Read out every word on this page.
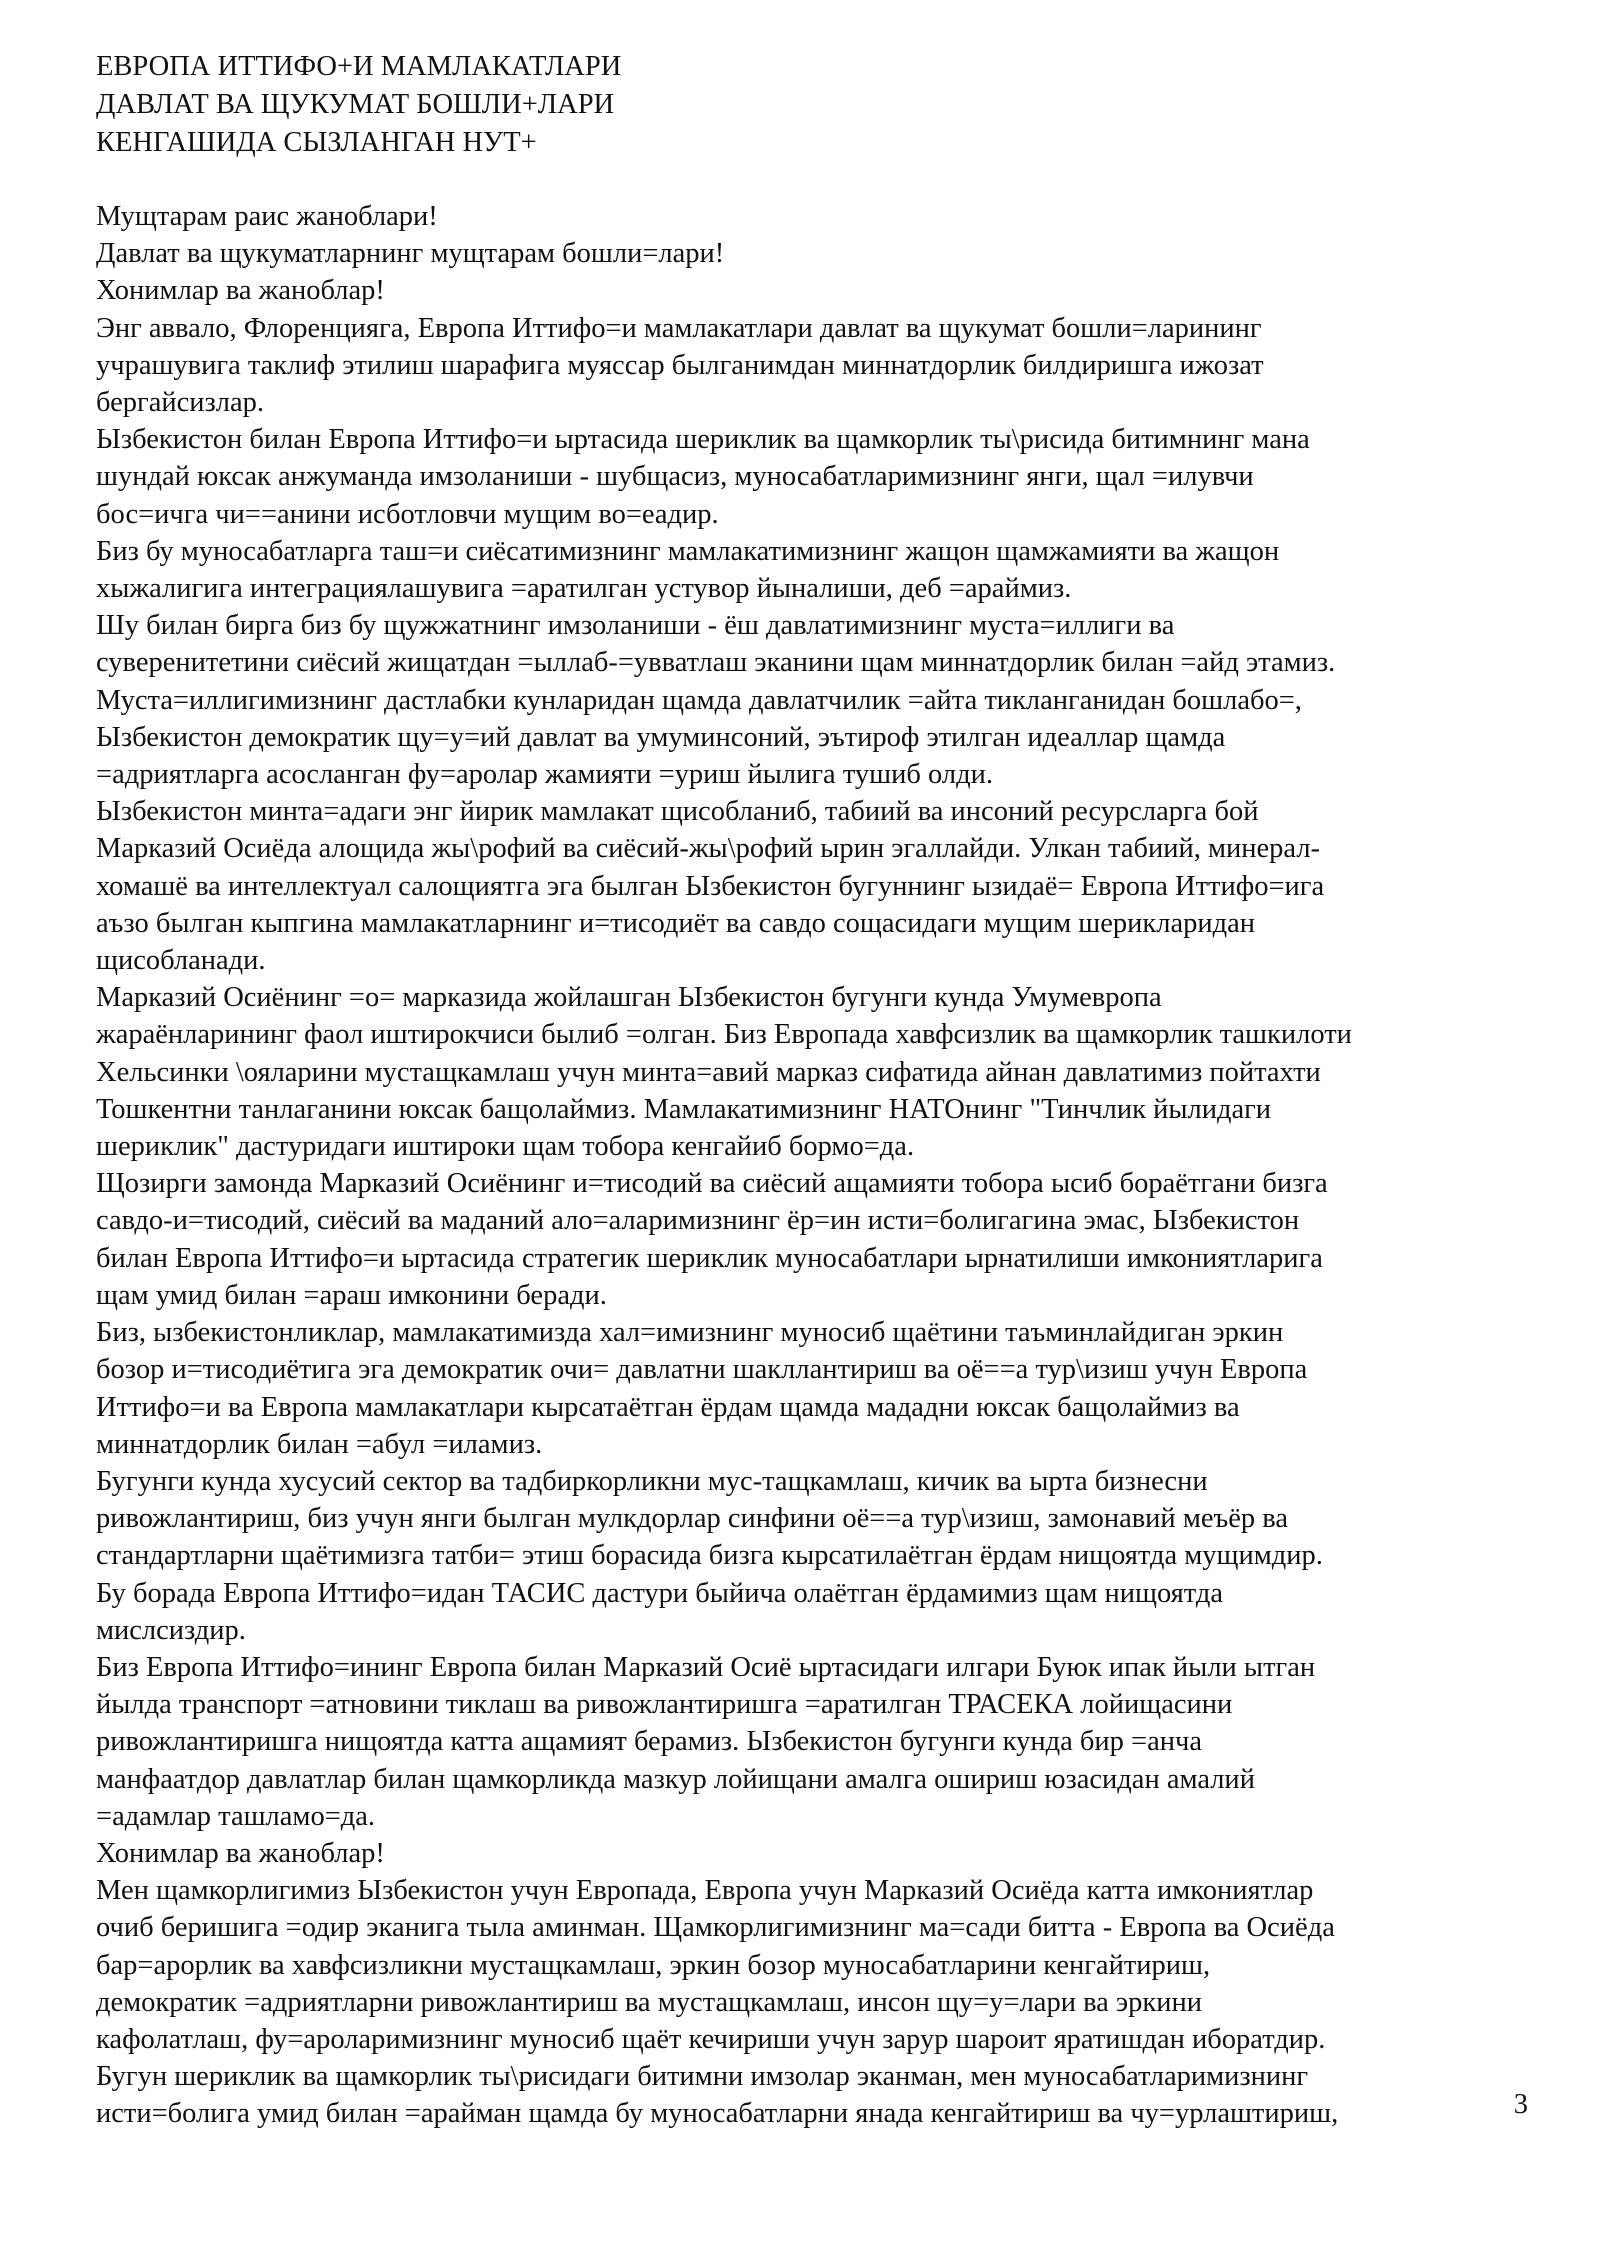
ЕВРОПА ИТТИФО+И МАМЛАКАТЛАРИ
ДАВЛАТ ВА ЩУКУМАТ БОШЛИ+ЛАРИ
КЕНГАШИДА СЫЗЛАНГАН НУТ+

Мущтарам раис жаноблари!

Давлат ва щукуматларнинг мущтарам бошли=лари!

Хонимлар ва жаноблар!

Энг аввало, Флоренцияга, Европа Иттифо=и мамлакатлари давлат ва щукумат бошли=ларининг

учрашувига таклиф этилиш шарафига муяссар былганимдан миннатдорлик билдиришга ижозат

бергайсизлар.

Ызбекистон билан Европа Иттифо=и ыртасида шериклик ва щамкорлик ты\рисида битимнинг мана

шундай юксак анжуманда имзоланиши - шубщасиз, муносабатларимизнинг янги, щал =илувчи

бос=ичга чи==анини исботловчи мущим во=еадир.

Биз бу муносабатларга таш=и сиёсатимизнинг мамлакатимизнинг жащон щамжамияти ва жащон

хыжалигига интеграциялашувига =аратилган устувор йыналиши, деб =араймиз.

Шу билан бирга биз бу щужжатнинг имзоланиши - ёш давлатимизнинг муста=иллиги ва

суверенитетини сиёсий жищатдан =ыллаб-=увватлаш эканини щам миннатдорлик билан =айд этамиз.

Муста=иллигимизнинг дастлабки кунларидан щамда давлатчилик =айта тикланганидан бошлабо=,

Ызбекистон демократик щу=у=ий давлат ва умуминсоний, эътироф этилган идеаллар щамда

=адриятларга асосланган фу=аролар жамияти =уриш йылига тушиб олди.

Ызбекистон минта=адаги энг йирик мамлакат щисобланиб, табиий ва инсоний ресурсларга бой

Марказий Осиёда алощида жы\рофий ва сиёсий-жы\рофий ырин эгаллайди. Улкан табиий, минерал-

хомашё ва интеллектуал салощиятга эга былган Ызбекистон бугуннинг ызидаё= Европа Иттифо=ига

аъзо былган кыпгина мамлакатларнинг и=тисодиёт ва савдо сощасидаги мущим шерикларидан

щисобланади.

Марказий Осиёнинг =о= марказида жойлашган Ызбекистон бугунги кунда Умумевропа

жараёнларининг фаол иштирокчиси былиб =олган. Биз Европада хавфсизлик ва щамкорлик ташкилоти

Хельсинки \ояларини мустащкамлаш учун минта=авий марказ сифатида айнан давлатимиз пойтахти

Тошкентни танлаганини юксак бащолаймиз. Мамлакатимизнинг НАТОнинг "Тинчлик йылидаги

шериклик" дастуридаги иштироки щам тобора кенгайиб бормо=да.

Щозирги замонда Марказий Осиёнинг и=тисодий ва сиёсий ащамияти тобора ысиб бораётгани бизга

савдо-и=тисодий, сиёсий ва маданий ало=аларимизнинг ёр=ин исти=болигагина эмас, Ызбекистон

билан Европа Иттифо=и ыртасида стратегик шериклик муносабатлари ырнатилиши имкониятларига

щам умид билан =араш имконини беради.

Биз, ызбекистонликлар, мамлакатимизда хал=имизнинг муносиб щаётини таъминлайдиган эркин

бозор и=тисодиётига эга демократик очи= давлатни шакллантириш ва оё==а тур\изиш учун Европа

Иттифо=и ва Европа мамлакатлари кырсатаётган ёрдам щамда мададни юксак бащолаймиз ва

миннатдорлик билан =абул =иламиз.

Бугунги кунда хусусий сектор ва тадбиркорликни мус-тащкамлаш, кичик ва ырта бизнесни

ривожлантириш, биз учун янги былган мулкдорлар синфини оё==а тур\изиш, замонавий меъёр ва

стандартларни щаётимизга татби= этиш борасида бизга кырсатилаётган ёрдам нищоятда мущимдир.

Бу борада Европа Иттифо=идан ТАСИС дастури быйича олаётган ёрдамимиз щам нищоятда

мислсиздир.

Биз Европа Иттифо=ининг Европа билан Марказий Осиё ыртасидаги илгари Буюк ипак йыли ытган

йылда транспорт =атновини тиклаш ва ривожлантиришга =аратилган ТРАСЕКА лойищасини

ривожлантиришга нищоятда катта ащамият берамиз. Ызбекистон бугунги кунда бир =анча

манфаатдор давлатлар билан щамкорликда мазкур лойищани амалга ошириш юзасидан амалий

=адамлар ташламо=да.

Хонимлар ва жаноблар!

Мен щамкорлигимиз Ызбекистон учун Европада, Европа учун Марказий Осиёда катта имкониятлар

очиб беришига =одир эканига тыла аминман. Щамкорлигимизнинг ма=сади битта - Европа ва Осиёда

бар=арорлик ва хавфсизликни мустащкамлаш, эркин бозор муносабатларини кенгайтириш,

демократик =адриятларни ривожлантириш ва мустащкамлаш, инсон щу=у=лари ва эркини

кафолатлаш, фу=ароларимизнинг муносиб щаёт кечириши учун зарур шароит яратишдан иборатдир.

Бугун шериклик ва щамкорлик ты\рисидаги битимни имзолар эканман, мен муносабатларимизнинг

исти=болига умид билан =арайман щамда бу муносабатларни янада кенгайтириш ва чу=урлаштириш,	3
